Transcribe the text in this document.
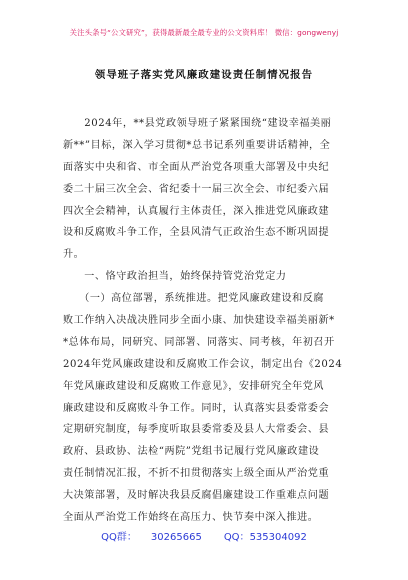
关注头条号“公文研究”，获得最新最全最专业的公文资料库！ 微信：gongwenyj
领导班子落实党风廉政建设责任制情况报告
　　2024年，**县党政领导班子紧紧围绕“建设幸福美丽
新**”目标，深入学习贯彻*总书记系列重要讲话精神，全
面落实中央和省、市全面从严治党各项重大部署及中央纪
委二十届三次全会、省纪委十一届三次全会、市纪委六届
四次全会精神，认真履行主体责任，深入推进党风廉政建
设和反腐败斗争工作，全县风清气正政治生态不断巩固提
升。
　　一、恪守政治担当，始终保持管党治党定力
　　（一）高位部署，系统推进。把党风廉政建设和反腐
败工作纳入决战决胜同步全面小康、加快建设幸福美丽新*
*总体布局，同研究、同部署、同落实、同考核，年初召开
2024年党风廉政建设和反腐败工作会议，制定出台《2024
年党风廉政建设和反腐败工作意见》，安排研究全年党风
廉政建设和反腐败斗争工作。同时，认真落实县委常委会
定期研究制度，每季度听取县委常委及县人大常委会、县
政府、县政协、法检“两院”党组书记履行党风廉政建设
责任制情况汇报，不折不扣贯彻落实上级全面从严治党重
大决策部署，及时解决我县反腐倡廉建设工作重难点问题
全面从严治党工作始终在高压力、快节奏中深入推进。
QQ群： 30265665 QQ：535304092
